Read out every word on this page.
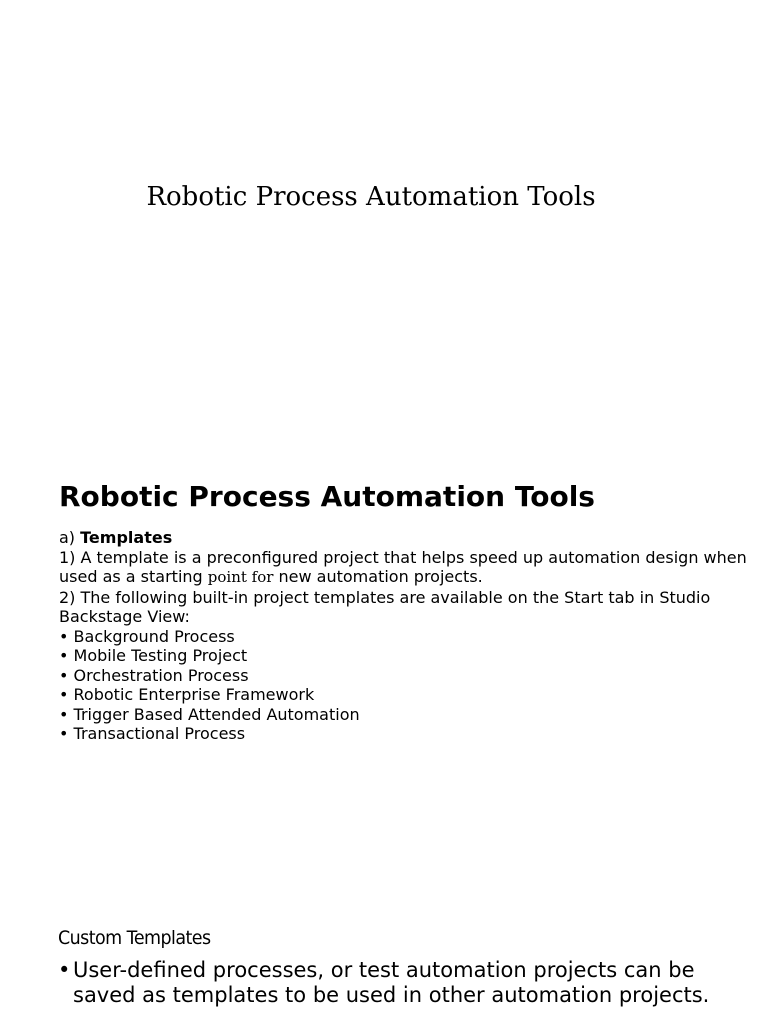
Robotic Process Automation Tools
Robotic Process Automation Tools

a) Templates

1) A template is a preconfigured project that helps speed up automation design when used as a starting point for new automation projects.

2) The following built-in project templates are available on the Start tab in Studio Backstage View:

• Background Process
• Mobile Testing Project
• Orchestration Process
• Robotic Enterprise Framework
• Trigger Based Attended Automation
• Transactional Process
Custom Templates
• User-defined processes, or test automation projects can be saved as templates to be used in other automation projects.
